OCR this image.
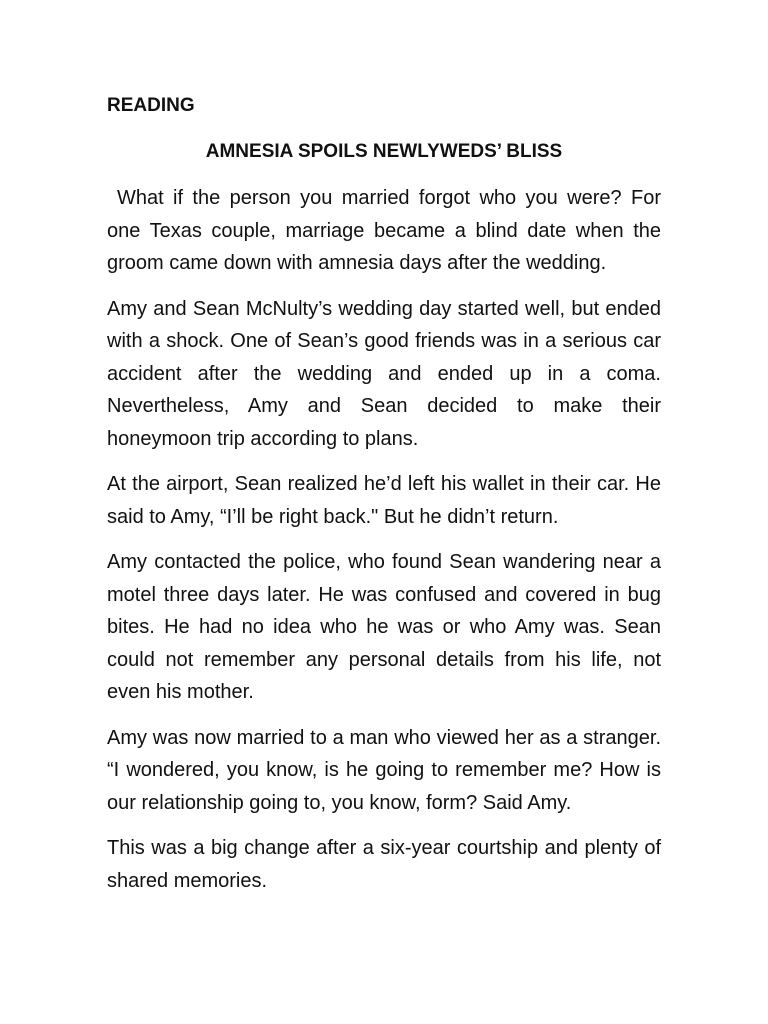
READING
AMNESIA SPOILS NEWLYWEDS’ BLISS

What if the person you married forgot who you were? For one Texas couple, marriage became a blind date when the groom came down with amnesia days after the wedding.

Amy and Sean McNulty’s wedding day started well, but ended with a shock. One of Sean’s good friends was in a serious car accident after the wedding and ended up in a coma. Nevertheless, Amy and Sean decided to make their honeymoon trip according to plans.

At the airport, Sean realized he’d left his wallet in their car. He said to Amy, “I’ll be right back." But he didn’t return.

Amy contacted the police, who found Sean wandering near a motel three days later. He was confused and covered in bug bites. He had no idea who he was or who Amy was. Sean could not remember any personal details from his life, not even his mother.

Amy was now married to a man who viewed her as a stranger. “I wondered, you know, is he going to remember me? How is our relationship going to, you know, form? Said Amy.

This was a big change after a six-year courtship and plenty of shared memories.
